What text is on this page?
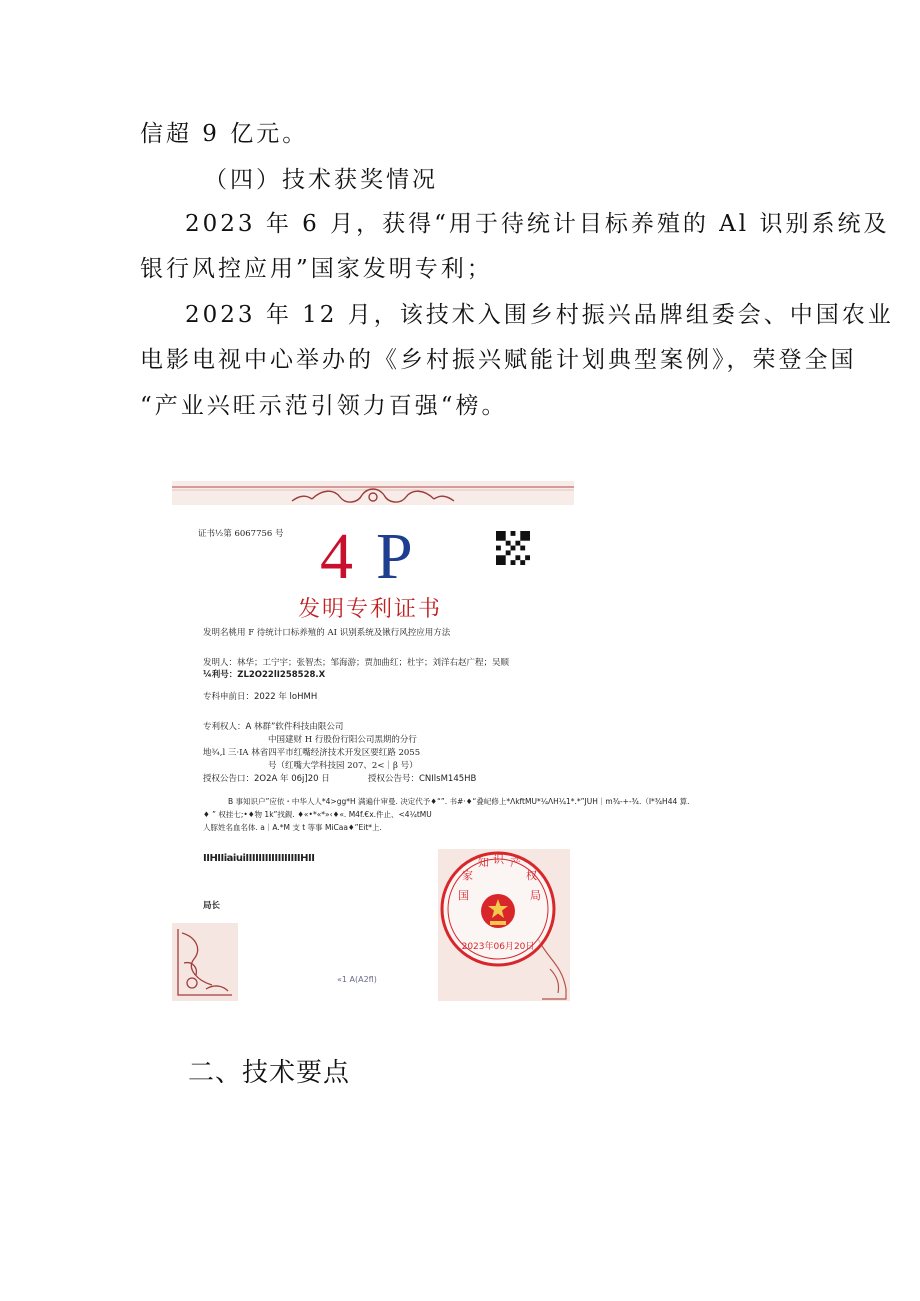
信超 9 亿元。
（四）技术获奖情况
2023 年 6 月，获得“用于待统计目标养殖的 Al 识别系统及
银行风控应用”国家发明专利；
2023 年 12 月，该技术入围乡村振兴品牌组委会、中国农业
电影电视中心举办的《乡村振兴赋能计划典型案例》，荣登全国
“产业兴旺示范引领力百强“榜。
证书½第 6067756 号 4 P
发明专利证书
发明名桃用 F 待统计口标养殖的 AI 识别系统及锹行风控应用方法
发明人：林华；工宁宇；张智杰；邹海游；贾加曲红；杜宇；刘洋右赵广程；吴顺
¼利号：ZL2O22lI258528.X
专科申前日：2022 年 loHMH
专利权人：A 林群”软件科技由限公司
中国建财 H 行股份行阳公司黑期的分行
地¾,l 三·IA 林省四平市红嘴经济技术开发区要红路 2055
号（红嘴大学科技园 207、2<｜β 号）
授权公告口：2O2A 年 06j]20 日	授权公告号：CNIlsM145HB
B 事知识户”应依・中华人人*4>gg*H 满遍什审曼. 决定代予♦“”. 书#·♦“叠屺修上*ΛkftMU*¼ΛH¼1*.*”JUH｜m¾-+-¾.（I*¾H44 算.
♦ ” 权挂七;•♦物 1k”找鋧. ♦«•*«*»‹♦«. M4f.€x.件止、<4¼tMU
人豚姓名血名体. a｜A.*M 支 t 等事 MiCaa♦”Eit*上.
IIHIIiaiuiIIIIIIIIIIIIIIIIIHII
局长
«1 A(A2fl)
2023年06月20日
国
家
知 识 产
权
局
二、技术要点
